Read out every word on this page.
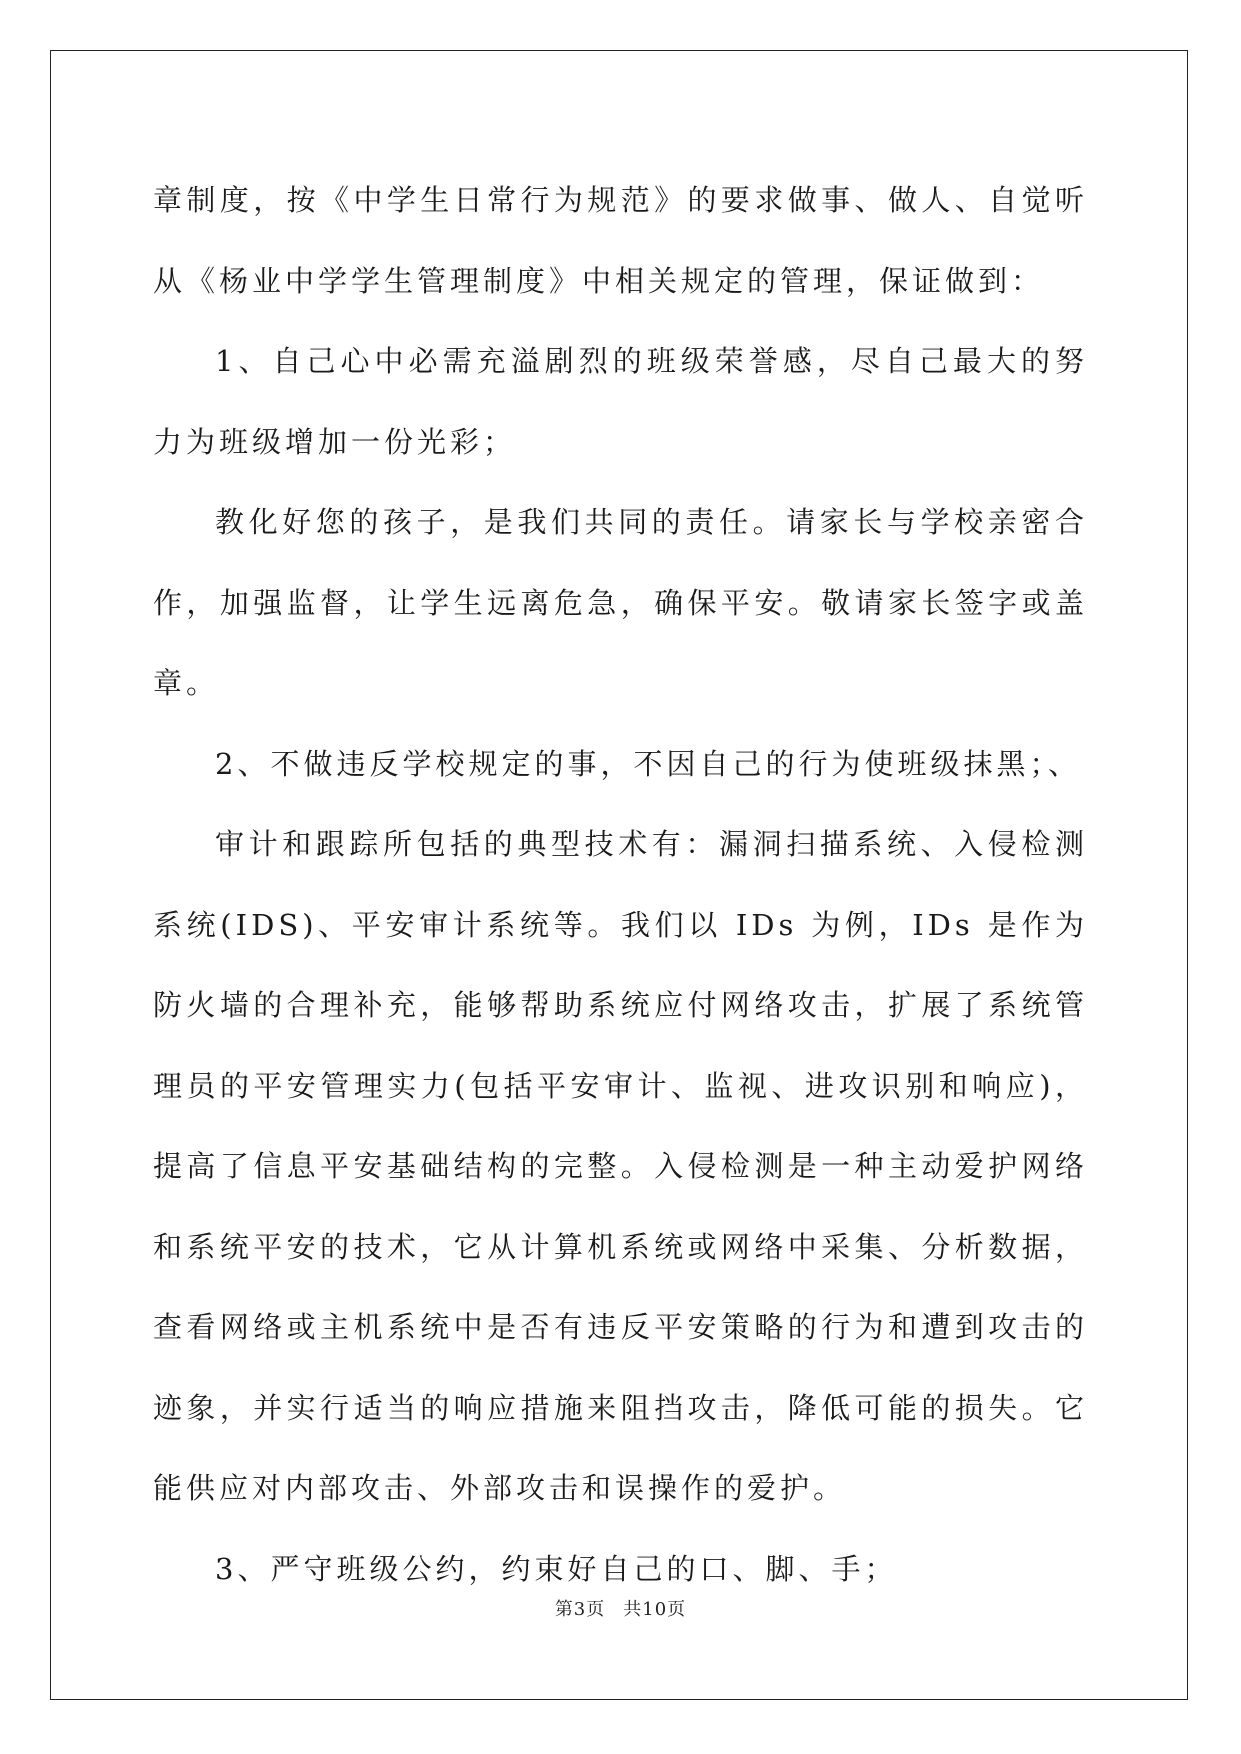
章制度，按《中学生日常行为规范》的要求做事、做人、自觉听从《杨业中学学生管理制度》中相关规定的管理，保证做到：

1、自己心中必需充溢剧烈的班级荣誉感，尽自己最大的努力为班级增加一份光彩；

教化好您的孩子，是我们共同的责任。请家长与学校亲密合作，加强监督，让学生远离危急，确保平安。敬请家长签字或盖章。

2、不做违反学校规定的事，不因自己的行为使班级抹黑；、

审计和跟踪所包括的典型技术有：漏洞扫描系统、入侵检测系统(IDS)、平安审计系统等。我们以 IDs 为例，IDs 是作为防火墙的合理补充，能够帮助系统应付网络攻击，扩展了系统管理员的平安管理实力(包括平安审计、监视、进攻识别和响应)，提高了信息平安基础结构的完整。入侵检测是一种主动爱护网络和系统平安的技术，它从计算机系统或网络中采集、分析数据，查看网络或主机系统中是否有违反平安策略的行为和遭到攻击的迹象，并实行适当的响应措施来阻挡攻击，降低可能的损失。它能供应对内部攻击、外部攻击和误操作的爱护。

3、严守班级公约，约束好自己的口、脚、手；

第3页 共10页
